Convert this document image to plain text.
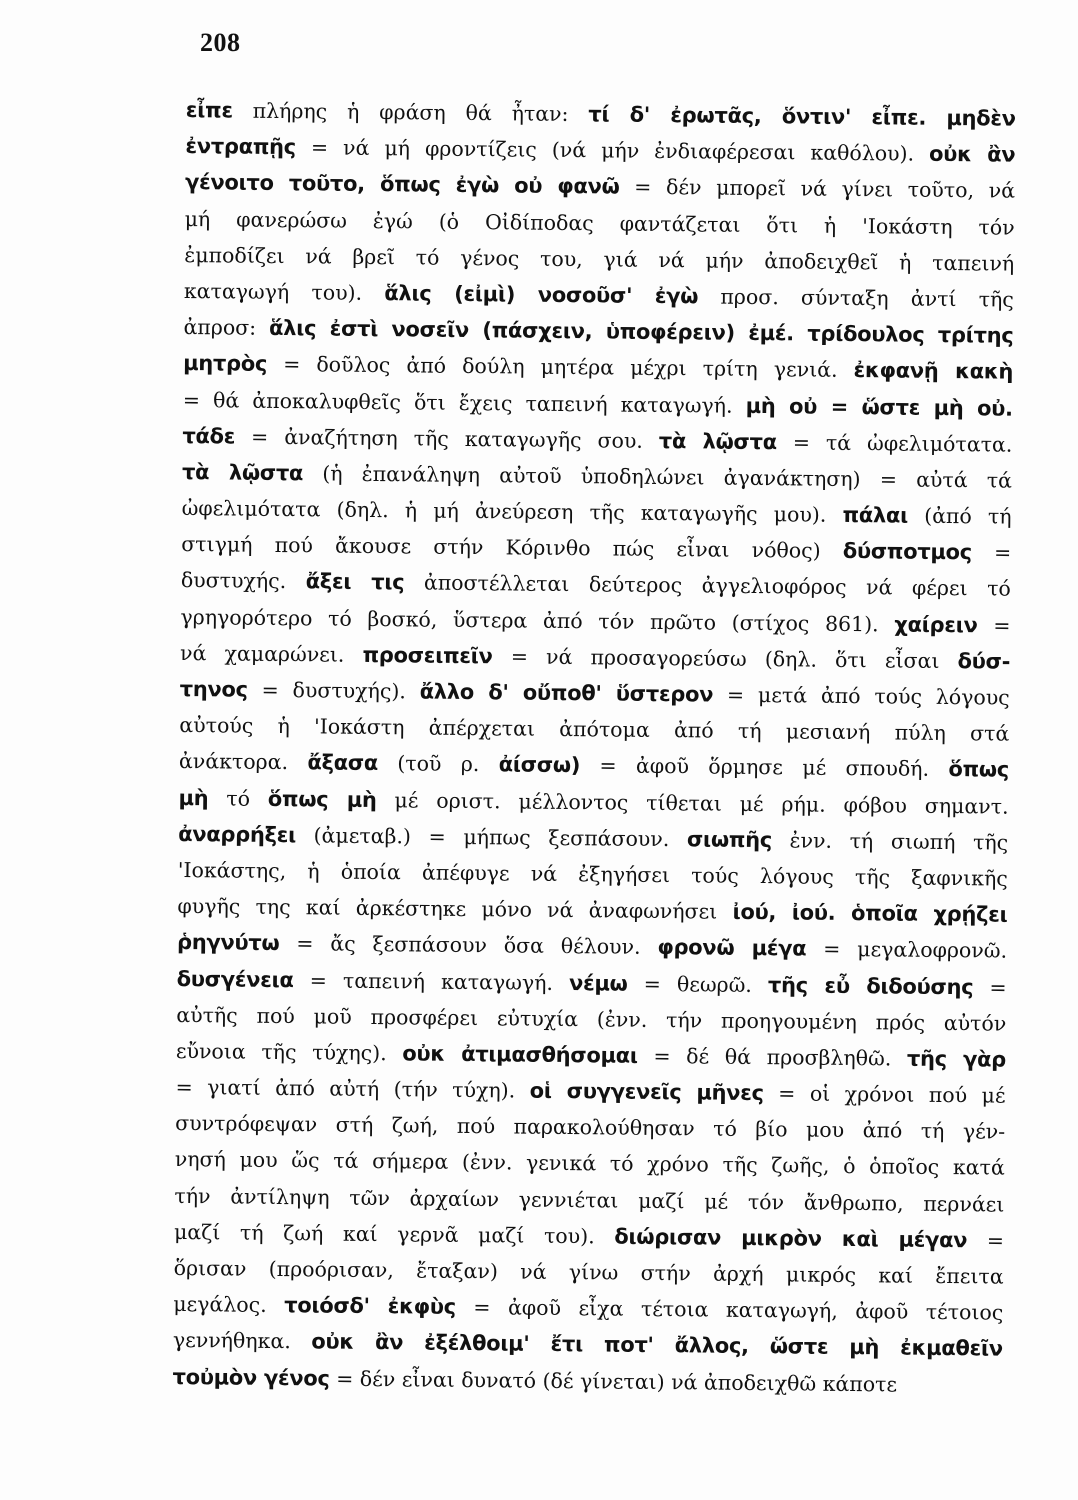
208
εἶπε πλήρης ἡ φράση θά ἦταν: τί δ' ἐρωτᾶς, ὅντιν' εἶπε. μηδὲν
ἐντραπῇς = νά μή φροντίζεις (νά μήν ἐνδιαφέρεσαι καθόλου). οὐκ ἂν
γένοιτο τοῦτο, ὅπως ἐγὼ οὐ φανῶ = δέν μπορεῖ νά γίνει τοῦτο, νά
μή φανερώσω ἐγώ (ὁ Οἰδίποδας φαντάζεται ὅτι ἡ 'Ιοκάστη τόν
ἐμποδίζει νά βρεῖ τό γένος του, γιά νά μήν ἀποδειχθεῖ ἡ ταπεινή
καταγωγή του). ἅλις (εἰμὶ) νοσοῦσ' ἐγὼ προσ. σύνταξη ἀντί τῆς
ἀπροσ: ἅλις ἐστὶ νοσεῖν (πάσχειν, ὑποφέρειν) ἐμέ. τρίδουλος τρίτης
μητρὸς = δοῦλος ἀπό δούλη μητέρα μέχρι τρίτη γενιά. ἐκφανῇ κακὴ
= θά ἀποκαλυφθεῖς ὅτι ἔχεις ταπεινή καταγωγή. μὴ οὐ = ὥστε μὴ οὐ.
τάδε = ἀναζήτηση τῆς καταγωγῆς σου. τὰ λῷστα = τά ὠφελιμότατα.
τὰ λῷστα (ἡ ἐπανάληψη αὐτοῦ ὑποδηλώνει ἀγανάκτηση) = αὐτά τά
ὠφελιμότατα (δηλ. ἡ μή ἀνεύρεση τῆς καταγωγῆς μου). πάλαι (ἀπό τή
στιγμή πού ἄκουσε στήν Κόρινθο πώς εἶναι νόθος) δύσποτμος =
δυστυχής. ἄξει τις ἀποστέλλεται δεύτερος ἀγγελιοφόρος νά φέρει τό
γρηγορότερο τό βοσκό, ὕστερα ἀπό τόν πρῶτο (στίχος 861). χαίρειν =
νά χαμαρώνει. προσειπεῖν = νά προσαγορεύσω (δηλ. ὅτι εἶσαι δύσ-
τηνος = δυστυχής). ἄλλο δ' οὔποθ' ὕστερον = μετά ἀπό τούς λόγους
αὐτούς ἡ 'Ιοκάστη ἀπέρχεται ἀπότομα ἀπό τή μεσιανή πύλη στά
ἀνάκτορα. ἄξασα (τοῦ ρ. ἀίσσω) = ἀφοῦ ὅρμησε μέ σπουδή. ὅπως
μὴ τό ὅπως μὴ μέ οριστ. μέλλοντος τίθεται μέ ρήμ. φόβου σημαντ.
ἀναρρήξει (ἀμεταβ.) = μήπως ξεσπάσουν. σιωπῆς ἐνν. τή σιωπή τῆς
'Ιοκάστης, ἡ ὁποία ἀπέφυγε νά ἐξηγήσει τούς λόγους τῆς ξαφνικῆς
φυγῆς της καί ἀρκέστηκε μόνο νά ἀναφωνήσει ἰού, ἰού. ὁποῖα χρῄζει
ῥηγνύτω = ἄς ξεσπάσουν ὅσα θέλουν. φρονῶ μέγα = μεγαλοφρονῶ.
δυσγένεια = ταπεινή καταγωγή. νέμω = θεωρῶ. τῆς εὖ διδούσης =
αὐτῆς πού μοῦ προσφέρει εὐτυχία (ἐνν. τήν προηγουμένη πρός αὐτόν
εὔνοια τῆς τύχης). οὐκ ἀτιμασθήσομαι = δέ θά προσβληθῶ. τῆς γὰρ
= γιατί ἀπό αὐτή (τήν τύχη). οἱ συγγενεῖς μῆνες = οἱ χρόνοι πού μέ
συντρόφεψαν στή ζωή, πού παρακολούθησαν τό βίο μου ἀπό τή γέν-
νησή μου ὥς τά σήμερα (ἐνν. γενικά τό χρόνο τῆς ζωῆς, ὁ ὁποῖος κατά
τήν ἀντίληψη τῶν ἀρχαίων γεννιέται μαζί μέ τόν ἄνθρωπο, περνάει
μαζί τή ζωή καί γερνᾶ μαζί του). διώρισαν μικρὸν καὶ μέγαν =
ὅρισαν (προόρισαν, ἔταξαν) νά γίνω στήν ἀρχή μικρός καί ἔπειτα
μεγάλος. τοιόσδ' ἐκφὺς = ἀφοῦ εἶχα τέτοια καταγωγή, ἀφοῦ τέτοιος
γεννήθηκα. οὐκ ἂν ἐξέλθοιμ' ἔτι ποτ' ἄλλος, ὥστε μὴ ἐκμαθεῖν
τοὐμὸν γένος = δέν εἶναι δυνατό (δέ γίνεται) νά ἀποδειχθῶ κάποτε
